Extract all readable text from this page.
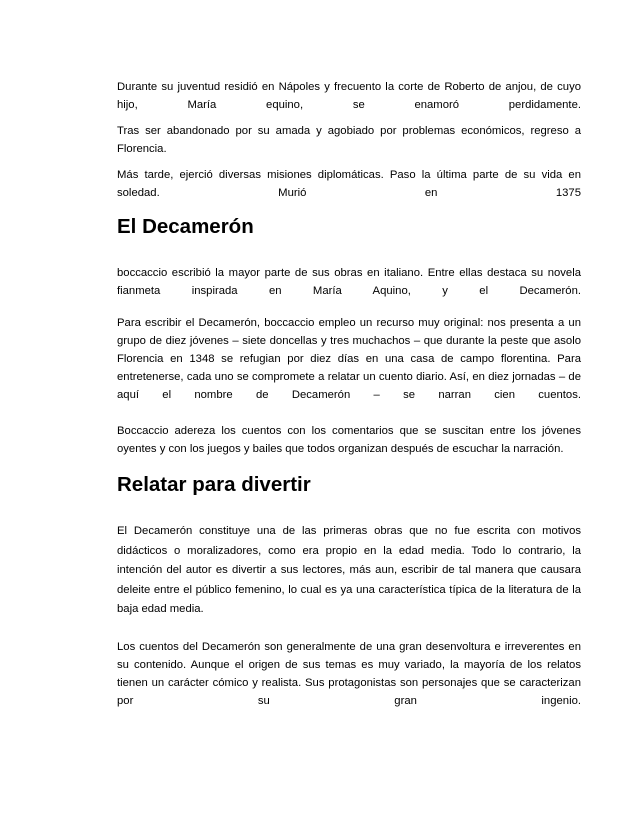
Durante su juventud residió en Nápoles y frecuento la corte de Roberto de anjou, de cuyo hijo, María equino, se enamoró perdidamente.

Tras ser abandonado por su amada y agobiado por problemas económicos, regreso a Florencia.

Más tarde, ejerció diversas misiones diplomáticas. Paso la última parte de su vida en soledad. Murió en 1375

El Decamerón

boccaccio escribió la mayor parte de sus obras en italiano. Entre ellas destaca su novela fianmeta inspirada en María Aquino, y el Decamerón.

Para escribir el Decamerón, boccaccio empleo un recurso muy original: nos presenta a un grupo de diez jóvenes – siete doncellas y tres muchachos – que durante la peste que asolo Florencia en 1348 se refugian por diez días en una casa de campo florentina. Para entretenerse, cada uno se compromete a relatar un cuento diario. Así, en diez jornadas – de aquí el nombre de Decamerón – se narran cien cuentos.

Boccaccio adereza los cuentos con los comentarios que se suscitan entre los jóvenes oyentes y con los juegos y bailes que todos organizan después de escuchar la narración.

Relatar para divertir

El Decamerón constituye una de las primeras obras que no fue escrita con motivos didácticos o moralizadores, como era propio en la edad media. Todo lo contrario, la intención del autor es divertir a sus lectores, más aun, escribir de tal manera que causara deleite entre el público femenino, lo cual es ya una característica típica de la literatura de la baja edad media.

Los cuentos del Decamerón son generalmente de una gran desenvoltura e irreverentes en su contenido. Aunque el origen de sus temas es muy variado, la mayoría de los relatos tienen un carácter cómico y realista. Sus protagonistas son personajes que se caracterizan por su gran ingenio.
